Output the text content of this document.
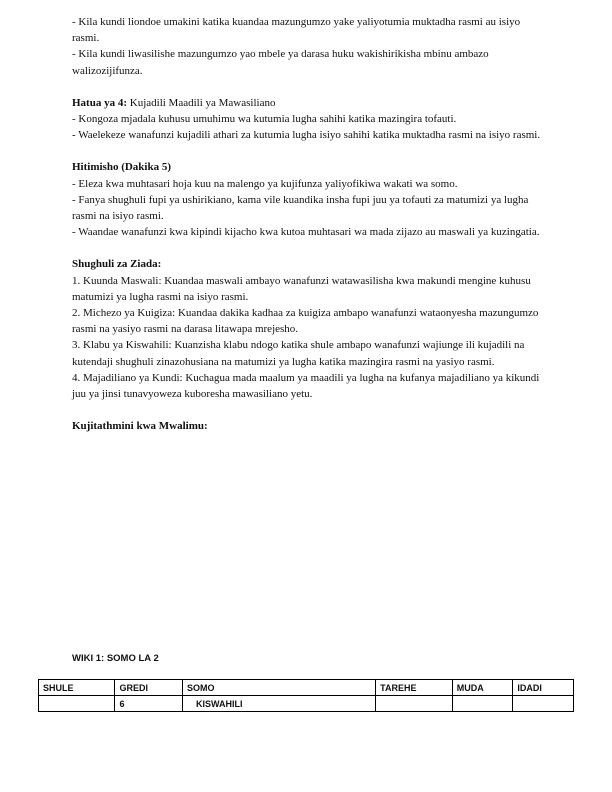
- Kila kundi liondoe umakini katika kuandaa mazungumzo yake yaliyotumia muktadha rasmi au isiyo rasmi.

- Kila kundi liwasilishe mazungumzo yao mbele ya darasa huku wakishirikisha mbinu ambazo walizozijifunza.

Hatua ya 4: Kujadili Maadili ya Mawasiliano

- Kongoza mjadala kuhusu umuhimu wa kutumia lugha sahihi katika mazingira tofauti.

- Waelekeze wanafunzi kujadili athari za kutumia lugha isiyo sahihi katika muktadha rasmi na isiyo rasmi.

Hitimisho (Dakika 5)

- Eleza kwa muhtasari hoja kuu na malengo ya kujifunza yaliyofikiwa wakati wa somo.

- Fanya shughuli fupi ya ushirikiano, kama vile kuandika insha fupi juu ya tofauti za matumizi ya lugha rasmi na isiyo rasmi.

- Waandae wanafunzi kwa kipindi kijacho kwa kutoa muhtasari wa mada zijazo au maswali ya kuzingatia.

Shughuli za Ziada:

1. Kuunda Maswali: Kuandaa maswali ambayo wanafunzi watawasilisha kwa makundi mengine kuhusu matumizi ya lugha rasmi na isiyo rasmi.

2. Michezo ya Kuigiza: Kuandaa dakika kadhaa za kuigiza ambapo wanafunzi wataonyesha mazungumzo rasmi na yasiyo rasmi na darasa litawapa mrejesho.

3. Klabu ya Kiswahili: Kuanzisha klabu ndogo katika shule ambapo wanafunzi wajiunge ili kujadili na kutendaji shughuli zinazohusiana na matumizi ya lugha katika mazingira rasmi na yasiyo rasmi.

4. Majadiliano ya Kundi: Kuchagua mada maalum ya maadili ya lugha na kufanya majadiliano ya kikundi juu ya jinsi tunavyoweza kuboresha mawasiliano yetu.

Kujitathmini kwa Mwalimu:

WIKI 1: SOMO LA 2
SHULE	GREDI	SOMO	TAREHE	MUDA	IDADI
	6	KISWAHILI			
